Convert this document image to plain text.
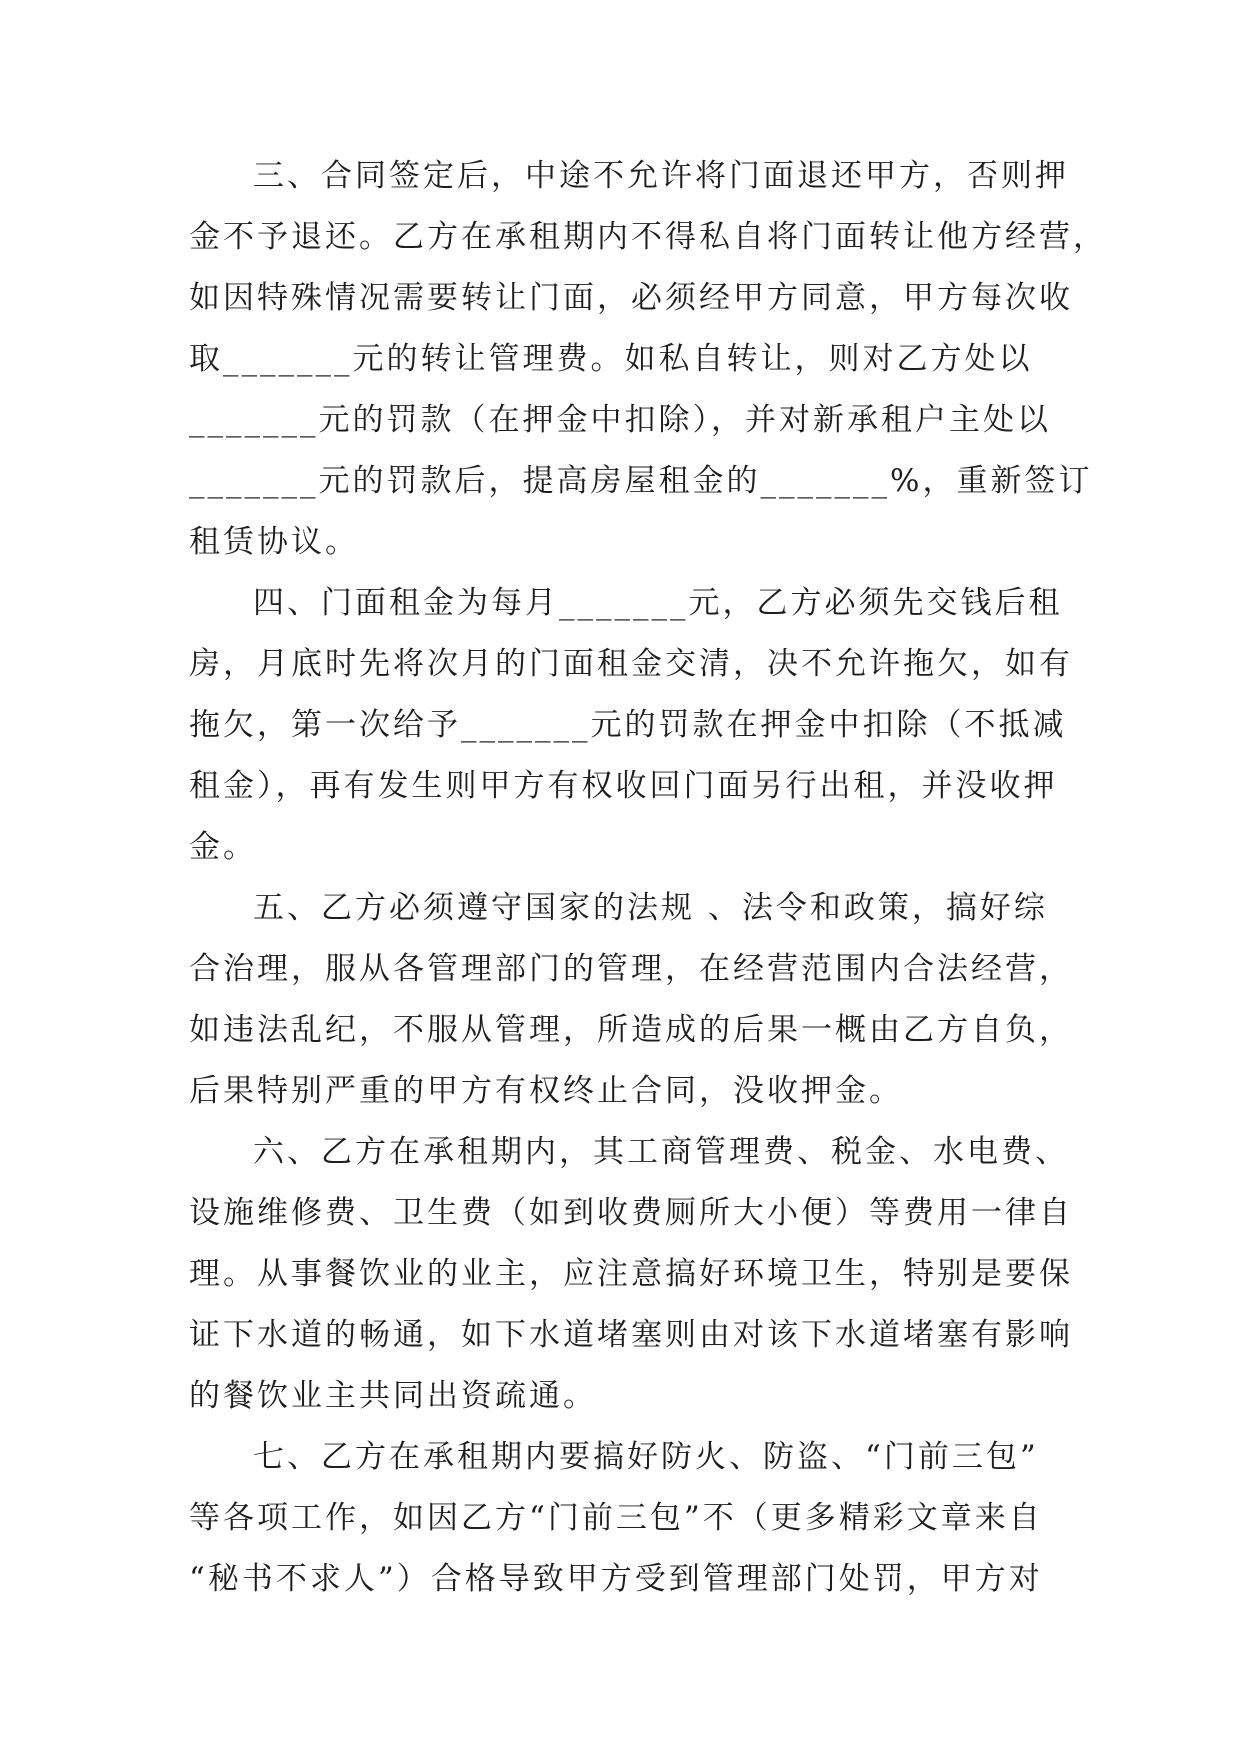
三、合同签定后，中途不允许将门面退还甲方，否则押
金不予退还。乙方在承租期内不得私自将门面转让他方经营，
如因特殊情况需要转让门面，必须经甲方同意，甲方每次收
取_______元的转让管理费。如私自转让，则对乙方处以
_______元的罚款（在押金中扣除），并对新承租户主处以
_______元的罚款后，提高房屋租金的_______%，重新签订
租赁协议。
四、门面租金为每月_______元，乙方必须先交钱后租
房，月底时先将次月的门面租金交清，决不允许拖欠，如有
拖欠，第一次给予_______元的罚款在押金中扣除（不抵减
租金），再有发生则甲方有权收回门面另行出租，并没收押
金。
五、乙方必须遵守国家的法规 、法令和政策，搞好综
合治理，服从各管理部门的管理，在经营范围内合法经营，
如违法乱纪，不服从管理，所造成的后果一概由乙方自负，
后果特别严重的甲方有权终止合同，没收押金。
六、乙方在承租期内，其工商管理费、税金、水电费、
设施维修费、卫生费（如到收费厕所大小便）等费用一律自
理。从事餐饮业的业主，应注意搞好环境卫生，特别是要保
证下水道的畅通，如下水道堵塞则由对该下水道堵塞有影响
的餐饮业主共同出资疏通。
七、乙方在承租期内要搞好防火、防盗、“门前三包”
等各项工作，如因乙方“门前三包”不（更多精彩文章来自
“秘书不求人”）合格导致甲方受到管理部门处罚，甲方对
